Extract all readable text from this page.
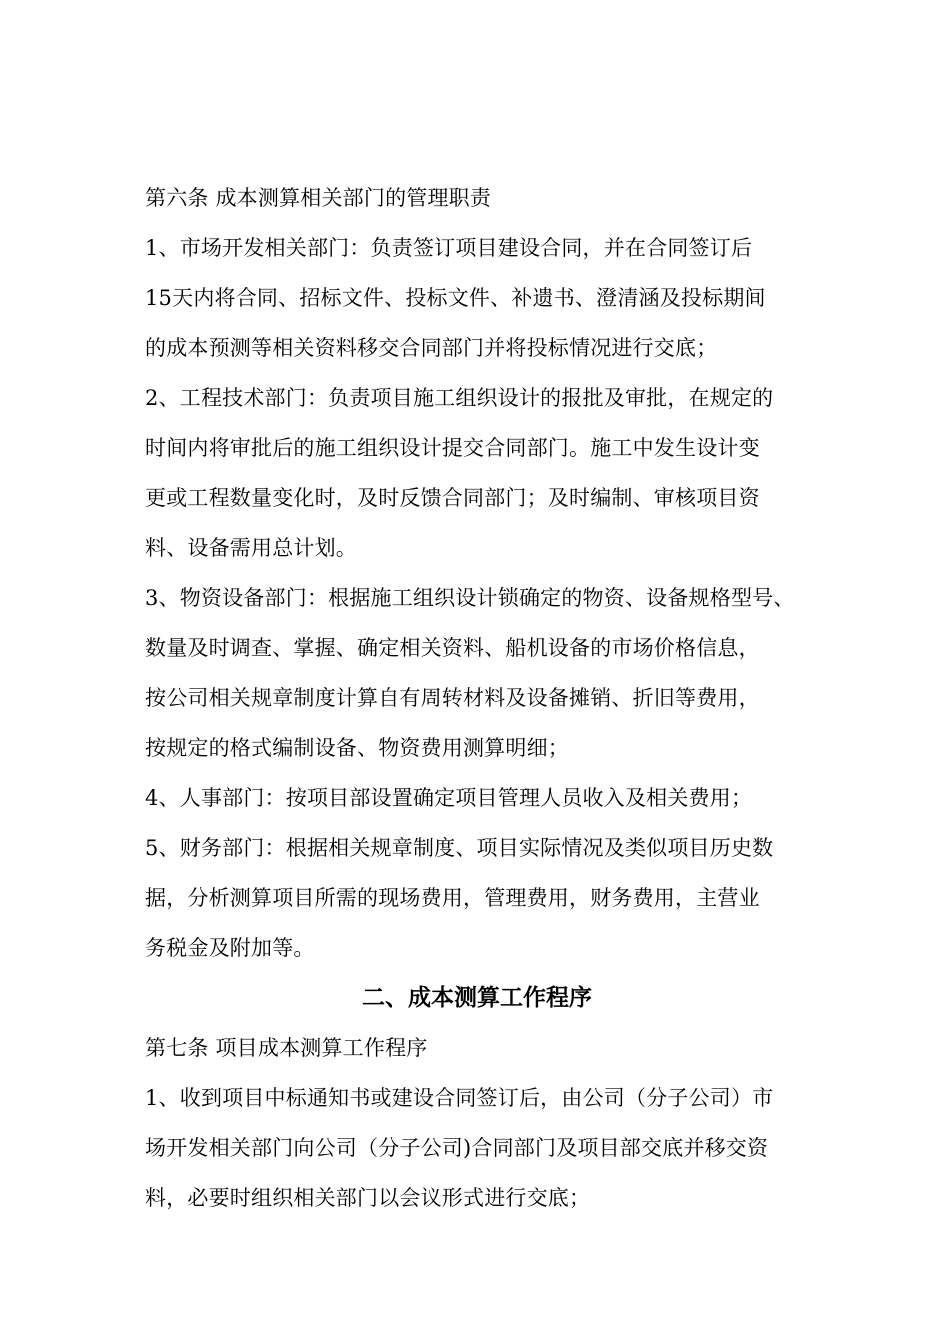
第六条 成本测算相关部门的管理职责
1、市场开发相关部门：负责签订项目建设合同，并在合同签订后
15天内将合同、招标文件、投标文件、补遗书、澄清涵及投标期间
的成本预测等相关资料移交合同部门并将投标情况进行交底；
2、工程技术部门：负责项目施工组织设计的报批及审批，在规定的
时间内将审批后的施工组织设计提交合同部门。施工中发生设计变
更或工程数量变化时，及时反馈合同部门；及时编制、审核项目资
料、设备需用总计划。
3、物资设备部门：根据施工组织设计锁确定的物资、设备规格型号、
数量及时调查、掌握、确定相关资料、船机设备的市场价格信息，
按公司相关规章制度计算自有周转材料及设备摊销、折旧等费用，
按规定的格式编制设备、物资费用测算明细；
4、人事部门：按项目部设置确定项目管理人员收入及相关费用；
5、财务部门：根据相关规章制度、项目实际情况及类似项目历史数
据，分析测算项目所需的现场费用，管理费用，财务费用，主营业
务税金及附加等。
二、成本测算工作程序
第七条 项目成本测算工作程序
1、收到项目中标通知书或建设合同签订后，由公司（分子公司）市
场开发相关部门向公司（分子公司)合同部门及项目部交底并移交资
料，必要时组织相关部门以会议形式进行交底；
